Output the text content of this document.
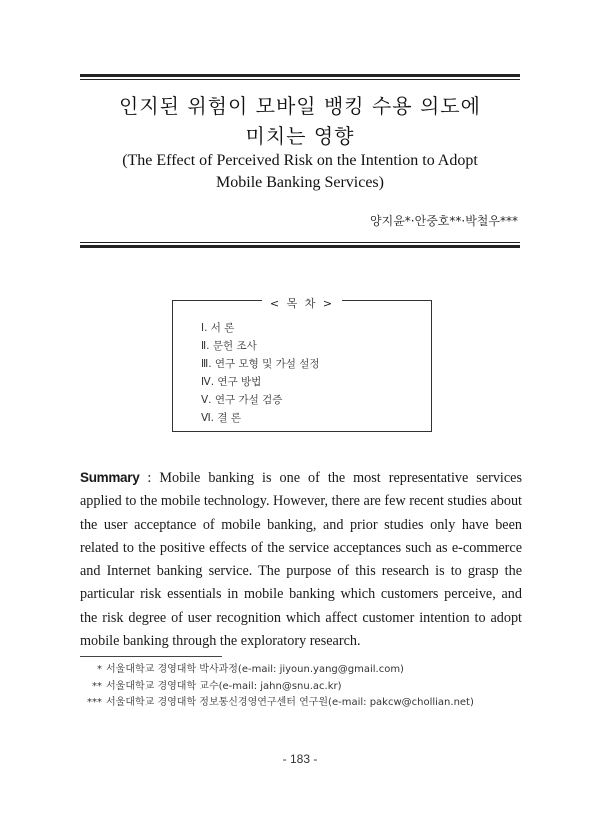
인지된 위험이 모바일 뱅킹 수용 의도에
미치는 영향
(The Effect of Perceived Risk on the Intention to Adopt
Mobile Banking Services)
양지윤*·안중호**·박철우***
< 목 차 >
Ⅰ. 서 론
Ⅱ. 문헌 조사
Ⅲ. 연구 모형 및 가설 설정
Ⅳ. 연구 방법
Ⅴ. 연구 가설 검증
Ⅵ. 결 론

Summary : Mobile banking is one of the most representative services applied to the mobile technology. However, there are few recent studies about the user acceptance of mobile banking, and prior studies only have been related to the positive effects of the service acceptances such as e-commerce and Internet banking service. The purpose of this research is to grasp the particular risk essentials in mobile banking which customers perceive, and the risk degree of user recognition which affect customer intention to adopt mobile banking through the exploratory research.

* 서울대학교 경영대학 박사과정(e-mail: jiyoun.yang@gmail.com)
** 서울대학교 경영대학 교수(e-mail: jahn@snu.ac.kr)
*** 서울대학교 경영대학 정보통신경영연구센터 연구원(e-mail: pakcw@chollian.net)
- 183 -
